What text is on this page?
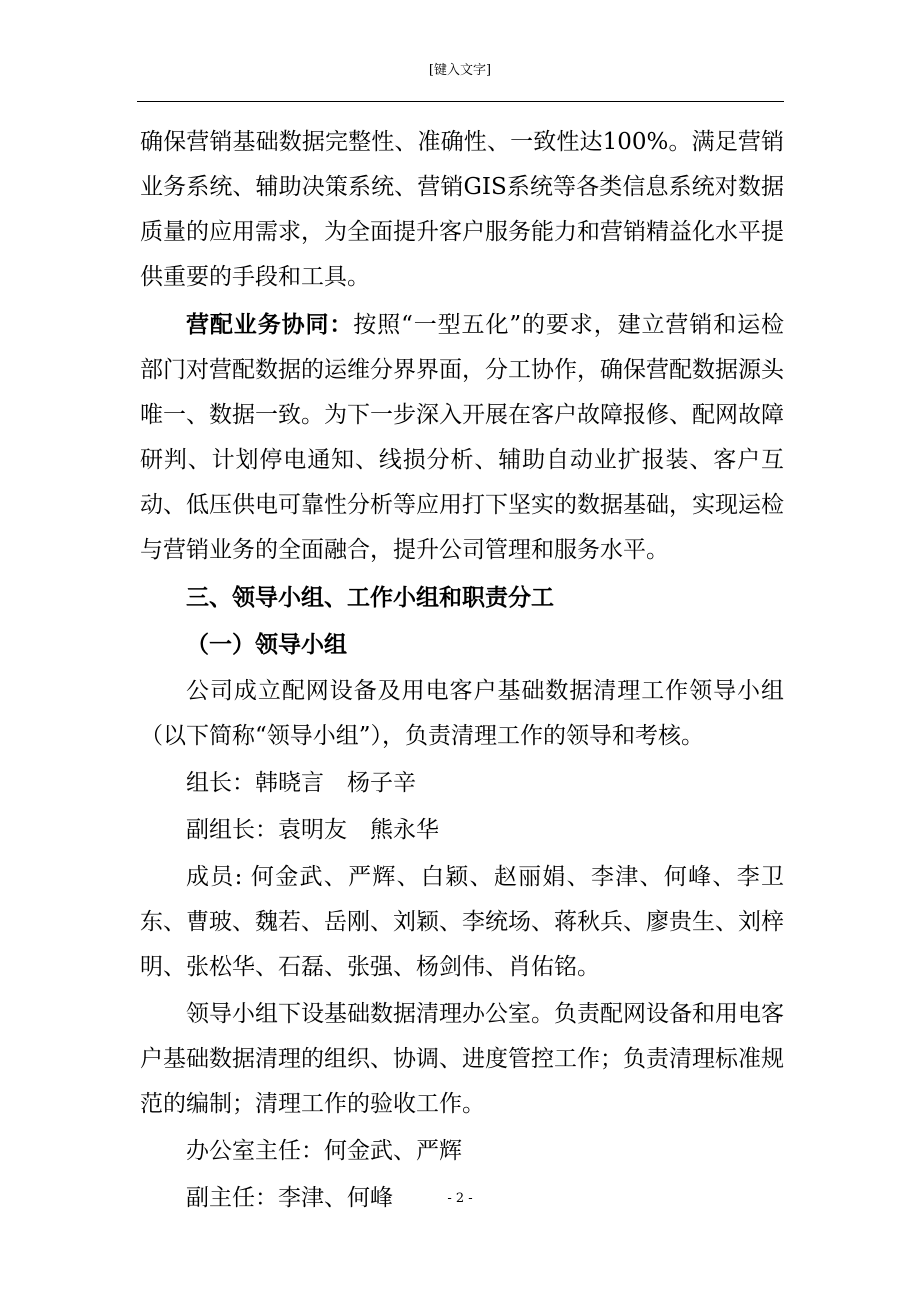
[键入文字]

确保营销基础数据完整性、准确性、一致性达100%。满足营销业务系统、辅助决策系统、营销GIS系统等各类信息系统对数据质量的应用需求，为全面提升客户服务能力和营销精益化水平提供重要的手段和工具。

营配业务协同：按照“一型五化”的要求，建立营销和运检部门对营配数据的运维分界界面，分工协作，确保营配数据源头唯一、数据一致。为下一步深入开展在客户故障报修、配网故障研判、计划停电通知、线损分析、辅助自动业扩报装、客户互动、低压供电可靠性分析等应用打下坚实的数据基础，实现运检与营销业务的全面融合，提升公司管理和服务水平。

三、领导小组、工作小组和职责分工

（一）领导小组

公司成立配网设备及用电客户基础数据清理工作领导小组（以下简称“领导小组”），负责清理工作的领导和考核。

组长：韩晓言　杨子辛

副组长：袁明友　熊永华

成员: 何金武、严辉、白颖、赵丽娟、李津、何峰、李卫东、曹玻、魏若、岳刚、刘颖、李统场、蒋秋兵、廖贵生、刘梓明、张松华、石磊、张强、杨剑伟、肖佑铭。

领导小组下设基础数据清理办公室。负责配网设备和用电客户基础数据清理的组织、协调、进度管控工作；负责清理标准规范的编制；清理工作的验收工作。

办公室主任：何金武、严辉

副主任：李津、何峰	- 2 -
